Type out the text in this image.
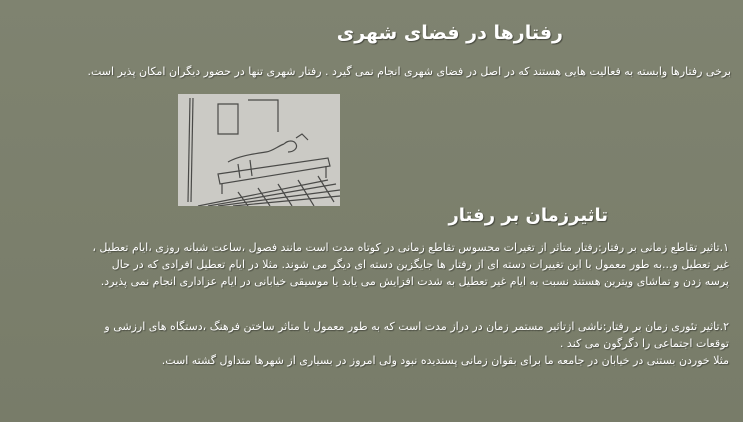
رفتارها در فضای شهری
برخی رفتارها وابسته به فعالیت هایی هستند که در اصل در فضای شهری انجام نمی گیرد . رفتار شهری تنها در حضور دیگران امکان پذیر است.
تاثیرزمان بر رفتار
۱.تاثیر تقاطع زمانی بر رفتار:رفتار متاثر از تغیرات محسوس تقاطع زمانی در کوتاه مدت است مانند فصول ،ساعت شبانه روزی ،ایام تعطیل ،
غیر تعطیل و...به طور معمول با این تغییرات دسته ای از رفتار ها جایگزین دسته ای دیگر می شوند. مثلا در ایام تعطیل افرادی که در حال
پرسه زدن و تماشای ویترین هستند نسبت به ایام غیر تعطیل به شدت افزایش می یابد یا موسیقی خیابانی در ایام عزاداری انجام نمی پذیرد.
۲.تاثیر تئوری زمان بر رفتار:ناشی ازتاثیر مستمر زمان در دراز مدت است که به طور معمول با متاثر ساختن فرهنگ ،دستگاه های ارزشی و
توقعات اجتماعی را دگرگون می کند .
مثلا خوردن بستنی در خیابان در جامعه ما برای بقوان زمانی پسندیده نبود ولی امروز در بسیاری از شهرها متداول گشته است.
